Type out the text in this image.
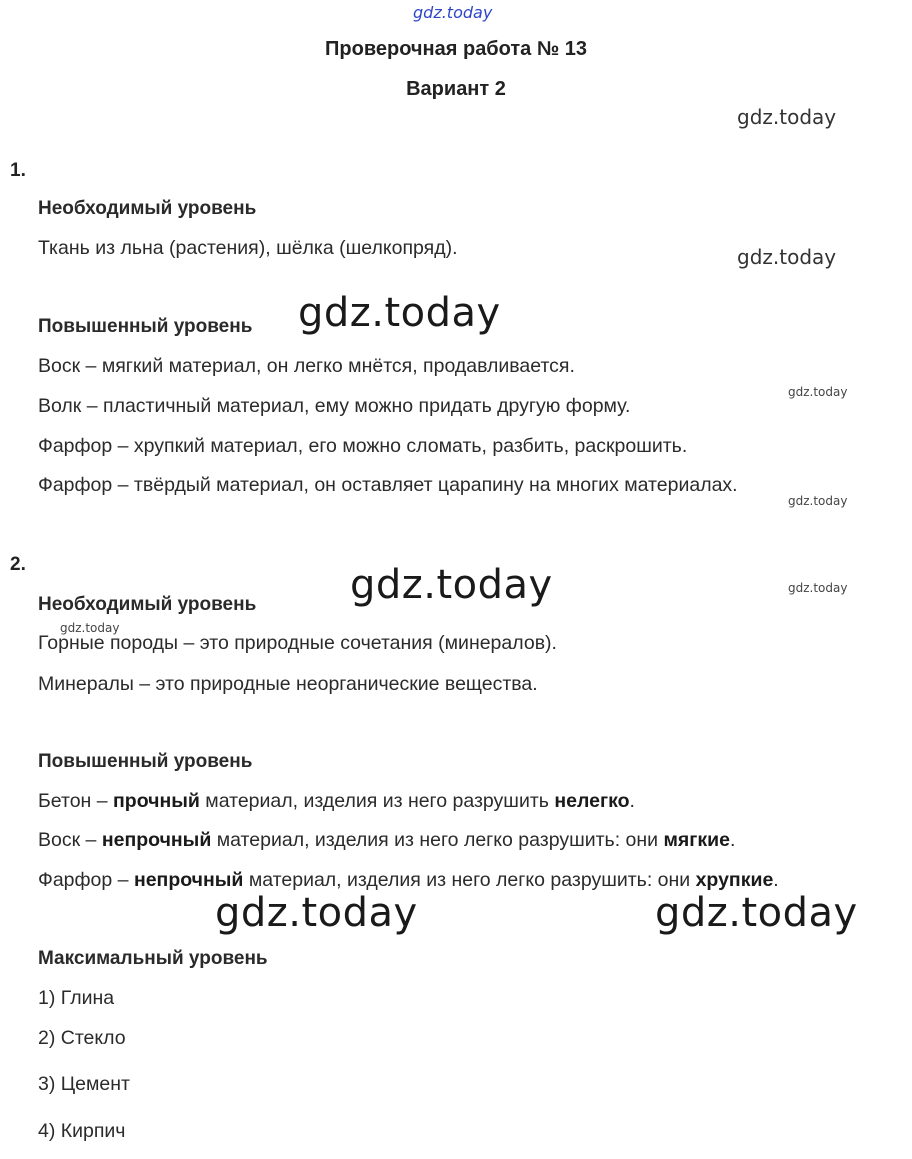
gdz.today
gdz.today
gdz.today
gdz.today
gdz.today
gdz.today
gdz.today	gdz.today
gdz.today
gdz.today	gdz.today
Проверочная работа № 13
Вариант 2
1.
Необходимый уровень
Ткань из льна (растения), шёлка (шелкопряд).
Повышенный уровень
Воск – мягкий материал, он легко мнётся, продавливается.
Волк – пластичный материал, ему можно придать другую форму.
Фарфор – хрупкий материал, его можно сломать, разбить, раскрошить.
Фарфор – твёрдый материал, он оставляет царапину на многих материалах.
2.
Необходимый уровень
Горные породы – это природные сочетания (минералов).
Минералы – это природные неорганические вещества.
Повышенный уровень
Бетон – прочный материал, изделия из него разрушить нелегко.
Воск – непрочный материал, изделия из него легко разрушить: они мягкие.
Фарфор – непрочный материал, изделия из него легко разрушить: они хрупкие.
Максимальный уровень
1) Глина
2) Стекло
3) Цемент
4) Кирпич
